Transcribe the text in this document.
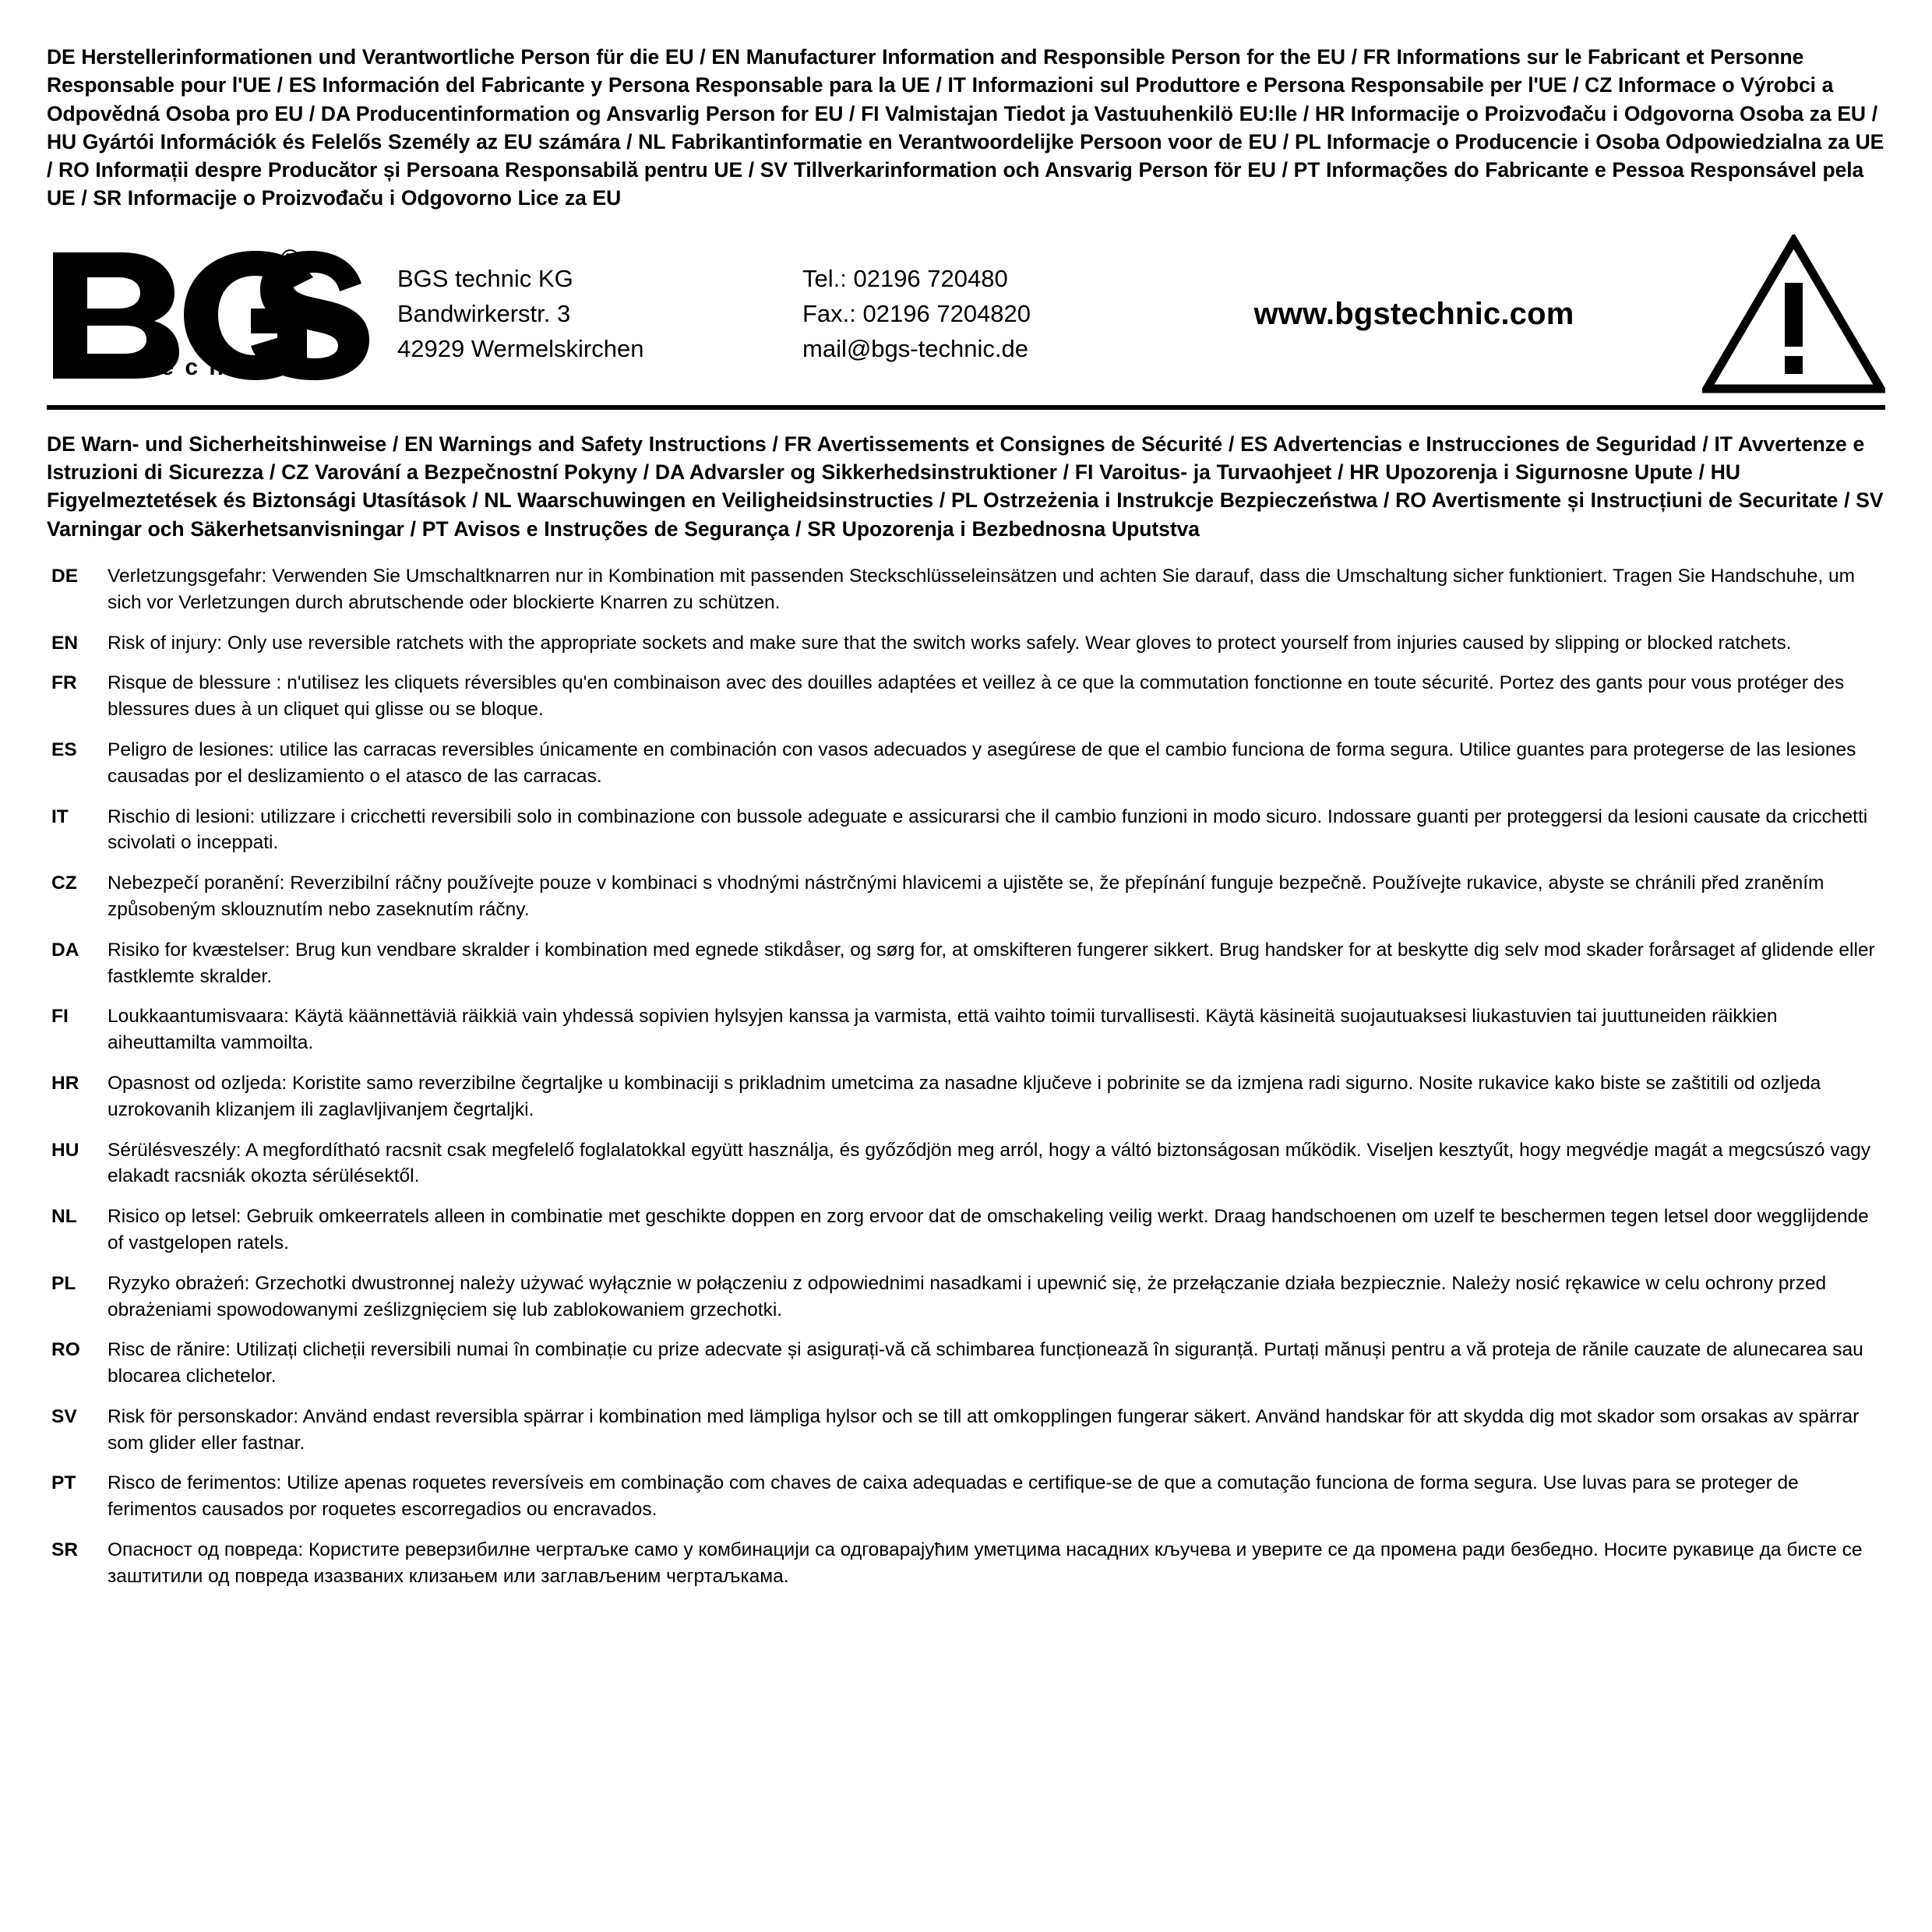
DE Herstellerinformationen und Verantwortliche Person für die EU / EN Manufacturer Information and Responsible Person for the EU / FR Informations sur le Fabricant et Personne Responsable pour l'UE / ES Información del Fabricante y Persona Responsable para la UE / IT Informazioni sul Produttore e Persona Responsabile per l'UE / CZ Informace o Výrobci a Odpovědná Osoba pro EU / DA Producentinformation og Ansvarlig Person for EU / FI Valmistajan Tiedot ja Vastuuhenkilö EU:lle / HR Informacije o Proizvođaču i Odgovorna Osoba za EU / HU Gyártói Információk és Felelős Személy az EU számára / NL Fabrikantinformatie en Verantwoordelijke Persoon voor de EU / PL Informacje o Producencie i Osoba Odpowiedzialna za UE / RO Informații despre Producător și Persoana Responsabilă pentru UE / SV Tillverkarinformation och Ansvarig Person för EU / PT Informações do Fabricante e Pessoa Responsável pela UE / SR Informacije o Proizvođaču i Odgovorno Lice za EU
®
t e c h n i c
BGS technic KG
Bandwirkerstr. 3
42929 Wermelskirchen
Tel.: 02196 720480
Fax.: 02196 7204820
mail@bgs-technic.de
www.bgstechnic.com
DE Warn- und Sicherheitshinweise / EN Warnings and Safety Instructions / FR Avertissements et Consignes de Sécurité / ES Advertencias e Instrucciones de Seguridad / IT Avvertenze e Istruzioni di Sicurezza / CZ Varování a Bezpečnostní Pokyny / DA Advarsler og Sikkerhedsinstruktioner / FI Varoitus- ja Turvaohjeet / HR Upozorenja i Sigurnosne Upute / HU Figyelmeztetések és Biztonsági Utasítások / NL Waarschuwingen en Veiligheidsinstructies / PL Ostrzeżenia i Instrukcje Bezpieczeństwa / RO Avertismente și Instrucțiuni de Securitate / SV Varningar och Säkerhetsanvisningar / PT Avisos e Instruções de Segurança / SR Upozorenja i Bezbednosna Uputstva
DE	Verletzungsgefahr: Verwenden Sie Umschaltknarren nur in Kombination mit passenden Steckschlüsseleinsätzen und achten Sie darauf, dass die Umschaltung sicher funktioniert. Tragen Sie Handschuhe, um sich vor Verletzungen durch abrutschende oder blockierte Knarren zu schützen.
EN	Risk of injury: Only use reversible ratchets with the appropriate sockets and make sure that the switch works safely. Wear gloves to protect yourself from injuries caused by slipping or blocked ratchets.
FR	Risque de blessure : n'utilisez les cliquets réversibles qu'en combinaison avec des douilles adaptées et veillez à ce que la commutation fonctionne en toute sécurité. Portez des gants pour vous protéger des blessures dues à un cliquet qui glisse ou se bloque.
ES	Peligro de lesiones: utilice las carracas reversibles únicamente en combinación con vasos adecuados y asegúrese de que el cambio funciona de forma segura. Utilice guantes para protegerse de las lesiones causadas por el deslizamiento o el atasco de las carracas.
IT	Rischio di lesioni: utilizzare i cricchetti reversibili solo in combinazione con bussole adeguate e assicurarsi che il cambio funzioni in modo sicuro. Indossare guanti per proteggersi da lesioni causate da cricchetti scivolati o inceppati.
CZ	Nebezpečí poranění: Reverzibilní ráčny používejte pouze v kombinaci s vhodnými nástrčnými hlavicemi a ujistěte se, že přepínání funguje bezpečně. Používejte rukavice, abyste se chránili před zraněním způsobeným sklouznutím nebo zaseknutím ráčny.
DA	Risiko for kvæstelser: Brug kun vendbare skralder i kombination med egnede stikdåser, og sørg for, at omskifteren fungerer sikkert. Brug handsker for at beskytte dig selv mod skader forårsaget af glidende eller fastklemte skralder.
FI	Loukkaantumisvaara: Käytä käännettäviä räikkiä vain yhdessä sopivien hylsyjen kanssa ja varmista, että vaihto toimii turvallisesti. Käytä käsineitä suojautuaksesi liukastuvien tai juuttuneiden räikkien aiheuttamilta vammoilta.
HR	Opasnost od ozljeda: Koristite samo reverzibilne čegrtaljke u kombinaciji s prikladnim umetcima za nasadne ključeve i pobrinite se da izmjena radi sigurno. Nosite rukavice kako biste se zaštitili od ozljeda uzrokovanih klizanjem ili zaglavljivanjem čegrtaljki.
HU	Sérülésveszély: A megfordítható racsnit csak megfelelő foglalatokkal együtt használja, és győződjön meg arról, hogy a váltó biztonságosan működik. Viseljen kesztyűt, hogy megvédje magát a megcsúszó vagy elakadt racsniák okozta sérülésektől.
NL	Risico op letsel: Gebruik omkeerratels alleen in combinatie met geschikte doppen en zorg ervoor dat de omschakeling veilig werkt. Draag handschoenen om uzelf te beschermen tegen letsel door wegglijdende of vastgelopen ratels.
PL	Ryzyko obrażeń: Grzechotki dwustronnej należy używać wyłącznie w połączeniu z odpowiednimi nasadkami i upewnić się, że przełączanie działa bezpiecznie. Należy nosić rękawice w celu ochrony przed obrażeniami spowodowanymi ześlizgnięciem się lub zablokowaniem grzechotki.
RO	Risc de rănire: Utilizați clicheții reversibili numai în combinație cu prize adecvate și asigurați-vă că schimbarea funcționează în siguranță. Purtați mănuși pentru a vă proteja de rănile cauzate de alunecarea sau blocarea clichetelor.
SV	Risk för personskador: Använd endast reversibla spärrar i kombination med lämpliga hylsor och se till att omkopplingen fungerar säkert. Använd handskar för att skydda dig mot skador som orsakas av spärrar som glider eller fastnar.
PT	Risco de ferimentos: Utilize apenas roquetes reversíveis em combinação com chaves de caixa adequadas e certifique-se de que a comutação funciona de forma segura. Use luvas para se proteger de ferimentos causados por roquetes escorregadios ou encravados.
SR	Опасност од повреда: Користите реверзибилне чегртаљке само у комбинацији са одговарајућим уметцима насадних кључева и уверите се да промена ради безбедно. Носите рукавице да бисте се заштитили од повреда изазваних клизањем или заглављеним чегртаљкама.
